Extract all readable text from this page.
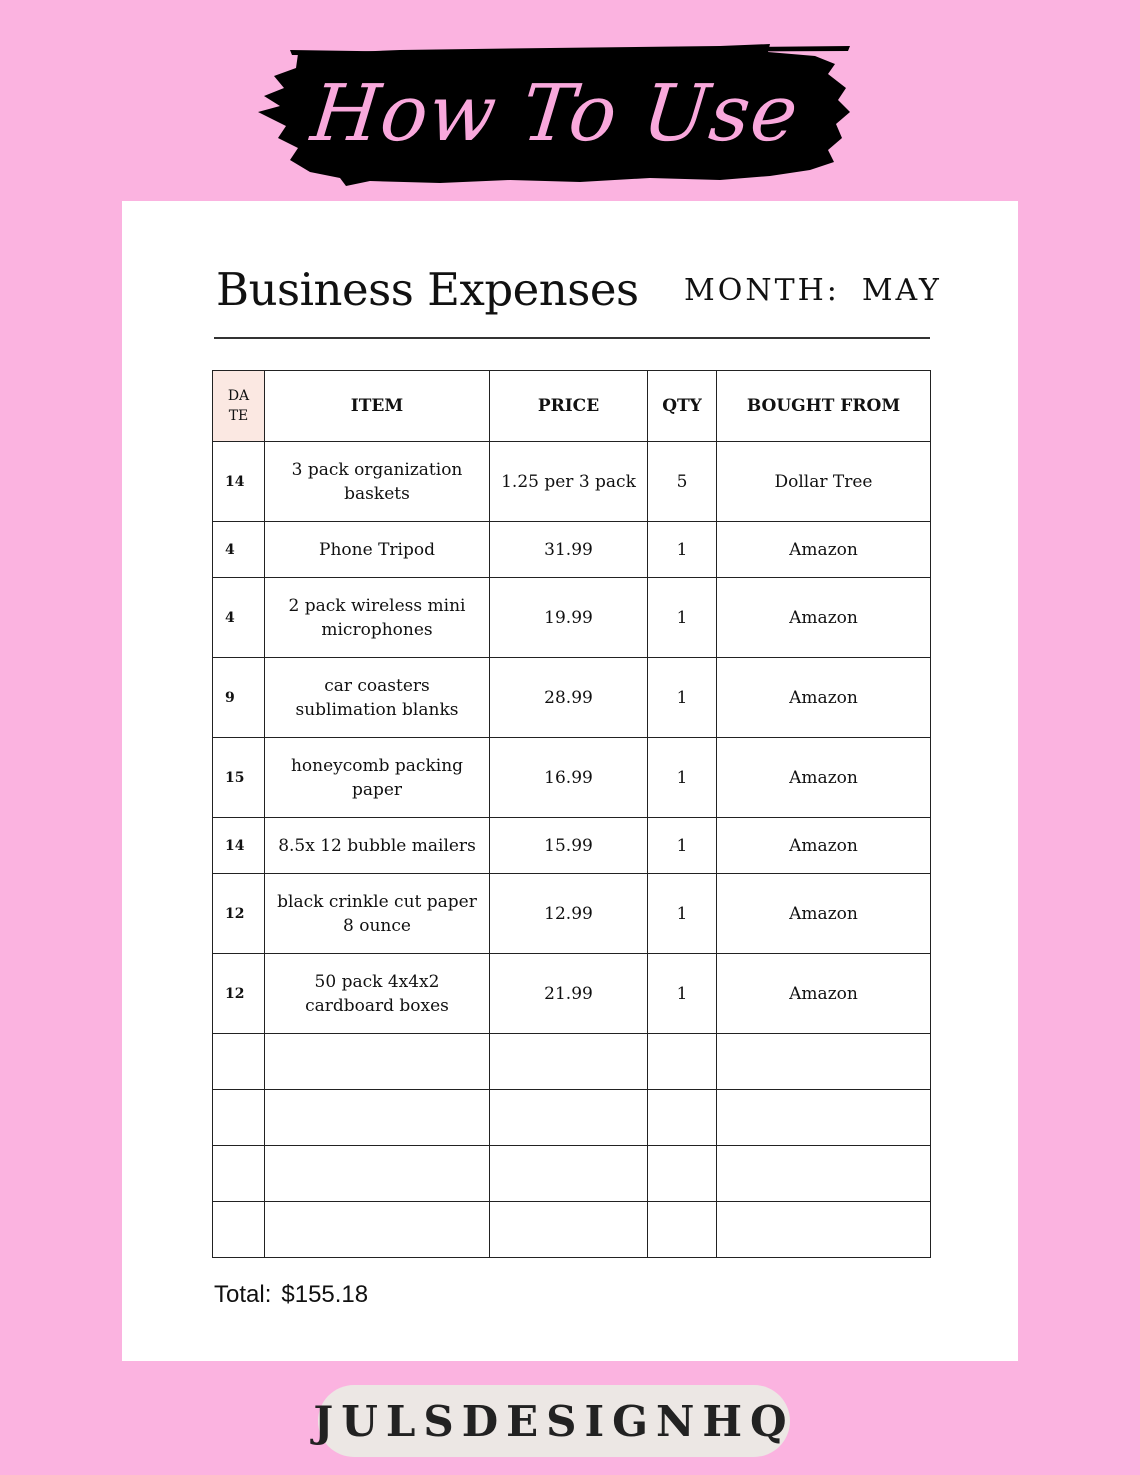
How To Use
Business Expenses MONTH: MAY
DA TE	ITEM	PRICE	QTY	BOUGHT FROM
14	3 pack organization baskets	1.25 per 3 pack	5	Dollar Tree
4	Phone Tripod	31.99	1	Amazon
4	2 pack wireless mini microphones	19.99	1	Amazon
9	car coasters sublimation blanks	28.99	1	Amazon
15	honeycomb packing paper	16.99	1	Amazon
14	8.5x 12 bubble mailers	15.99	1	Amazon
12	black crinkle cut paper 8 ounce	12.99	1	Amazon
12	50 pack 4x4x2 cardboard boxes	21.99	1	Amazon

Total: $155.18
JULSDESIGNHQ
